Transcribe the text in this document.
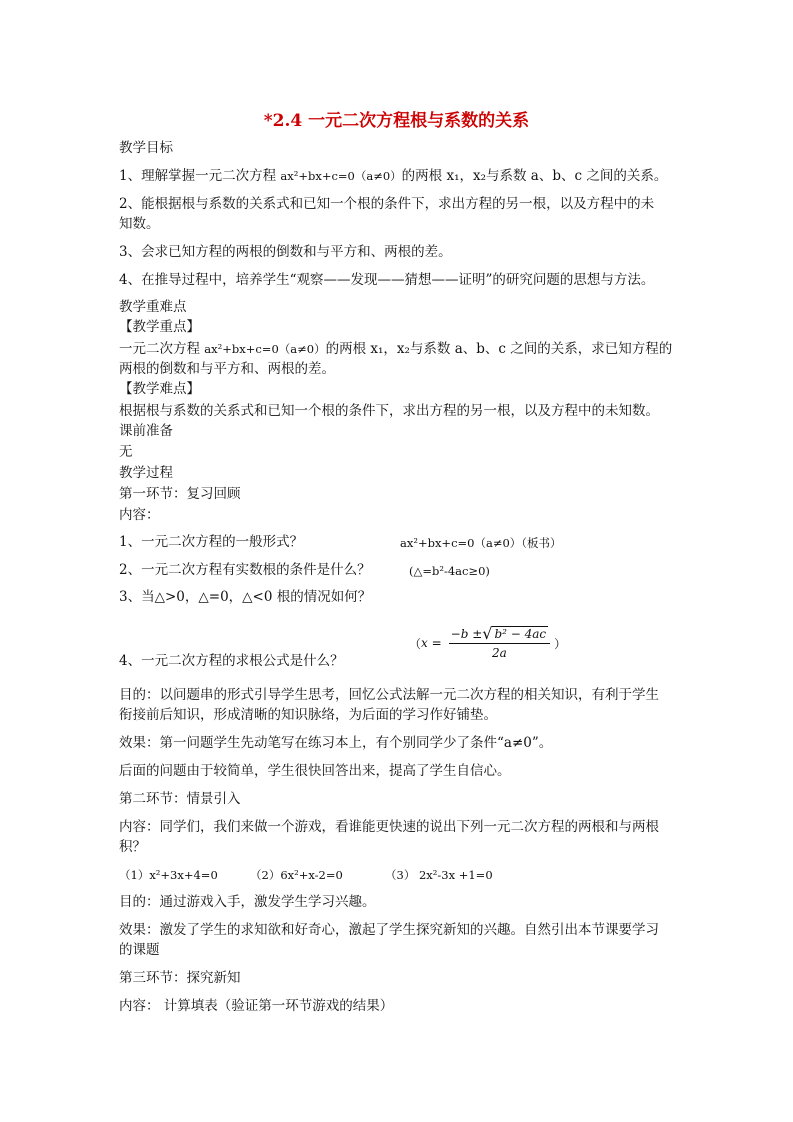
*2.4 一元二次方程根与系数的关系
教学目标
1、理解掌握一元二次方程 ax²+bx+c=0（a≠0）的两根 x₁，x₂与系数 a、b、c 之间的关系。
2、能根据根与系数的关系式和已知一个根的条件下，求出方程的另一根，以及方程中的未
知数。
3、会求已知方程的两根的倒数和与平方和、两根的差。
4、在推导过程中，培养学生“观察——发现——猜想——证明”的研究问题的思想与方法。
教学重难点
【教学重点】
一元二次方程 ax²+bx+c=0（a≠0）的两根 x₁，x₂与系数 a、b、c 之间的关系，求已知方程的
两根的倒数和与平方和、两根的差。
【教学难点】
根据根与系数的关系式和已知一个根的条件下，求出方程的另一根，以及方程中的未知数。
课前准备
无
教学过程
第一环节：复习回顾
内容：
1、一元二次方程的一般形式？	ax²+bx+c=0（a≠0）（板书）
2、一元二次方程有实数根的条件是什么？	(△=b²-4ac≥0)
3、当△>0，△=0，△<0 根的情况如何？
（ $x = \frac{\text{−b ± √ b² − 4ac}}{2a}$ ）
4、一元二次方程的求根公式是什么？
目的：以问题串的形式引导学生思考，回忆公式法解一元二次方程的相关知识，有利于学生
衔接前后知识，形成清晰的知识脉络，为后面的学习作好铺垫。
效果：第一问题学生先动笔写在练习本上，有个别同学少了条件“a≠0”。
后面的问题由于较简单，学生很快回答出来，提高了学生自信心。
第二环节：情景引入
内容：同学们，我们来做一个游戏，看谁能更快速的说出下列一元二次方程的两根和与两根
积？
（1）x²+3x+4=0	（2）6x²+x-2=0	（3） 2x²-3x +1=0
目的：通过游戏入手，激发学生学习兴趣。
效果：激发了学生的求知欲和好奇心，激起了学生探究新知的兴趣。自然引出本节课要学习
的课题
第三环节：探究新知
内容： 计算填表（验证第一环节游戏的结果）
